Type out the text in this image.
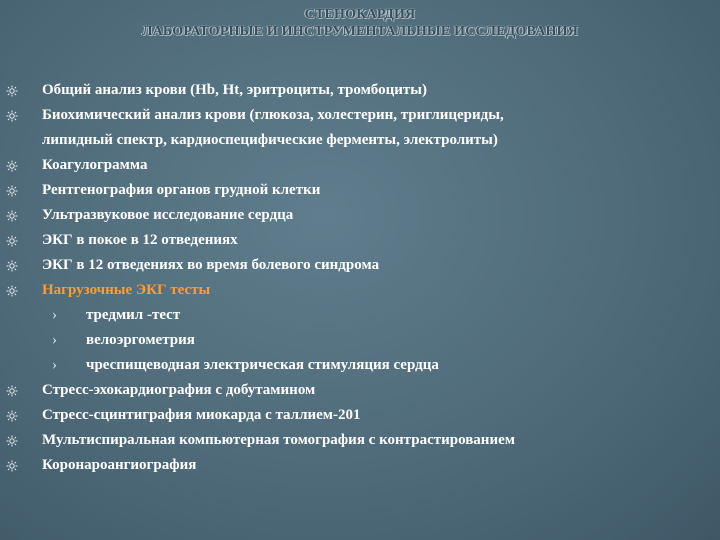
СТЕНОКАРДИЯ
ЛАБОРАТОРНЫЕ И ИНСТРУМЕНТАЛЬНЫЕ ИССЛЕДОВАНИЯ
Общий анализ крови (Hb, Ht, эритроциты, тромбоциты)
Биохимический анализ крови (глюкоза, холестерин, триглицериды,
липидный спектр, кардиоспецифические ферменты, электролиты)
Коагулограмма
Рентгенография органов грудной клетки
Ультразвуковое исследование сердца
ЭКГ в покое в 12 отведениях
ЭКГ в 12 отведениях во время болевого синдрома
Нагрузочные ЭКГ тесты
› тредмил -тест
› велоэргометрия
› чреспищеводная электрическая стимуляция сердца
Стресс-эхокардиография с добутамином
Стресс-сцинтиграфия миокарда с таллием-201
Мультиспиральная компьютерная томография с контрастированием
Коронароангиография
